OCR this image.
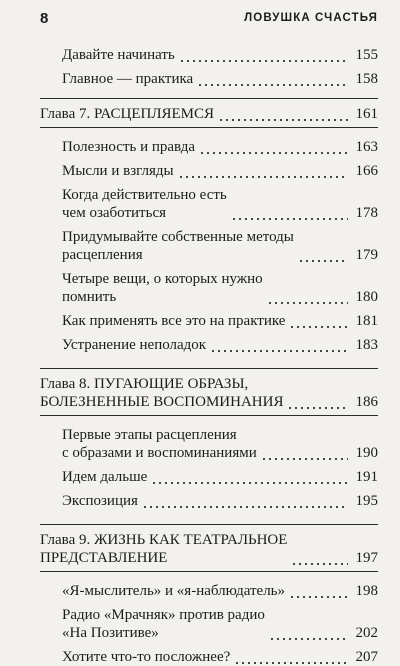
8	ЛОВУШКА СЧАСТЬЯ
Давайте начинать	155
Главное — практика	158
Глава 7. РАСЦЕПЛЯЕМСЯ	161
Полезность и правда	163
Мысли и взгляды	166
Когда действительно есть
чем озаботиться	178
Придумывайте собственные методы
расцепления	179
Четыре вещи, о которых нужно
помнить	180
Как применять все это на практике	181
Устранение неполадок	183
Глава 8. ПУГАЮЩИЕ ОБРАЗЫ,
БОЛЕЗНЕННЫЕ ВОСПОМИНАНИЯ	186
Первые этапы расцепления
с образами и воспоминаниями	190
Идем дальше	191
Экспозиция	195
Глава 9. ЖИЗНЬ КАК ТЕАТРАЛЬНОЕ
ПРЕДСТАВЛЕНИЕ	197
«Я-мыслитель» и «я-наблюдатель»	198
Радио «Мрачняк» против радио
«На Позитиве»	202
Хотите что-то посложнее?	207
